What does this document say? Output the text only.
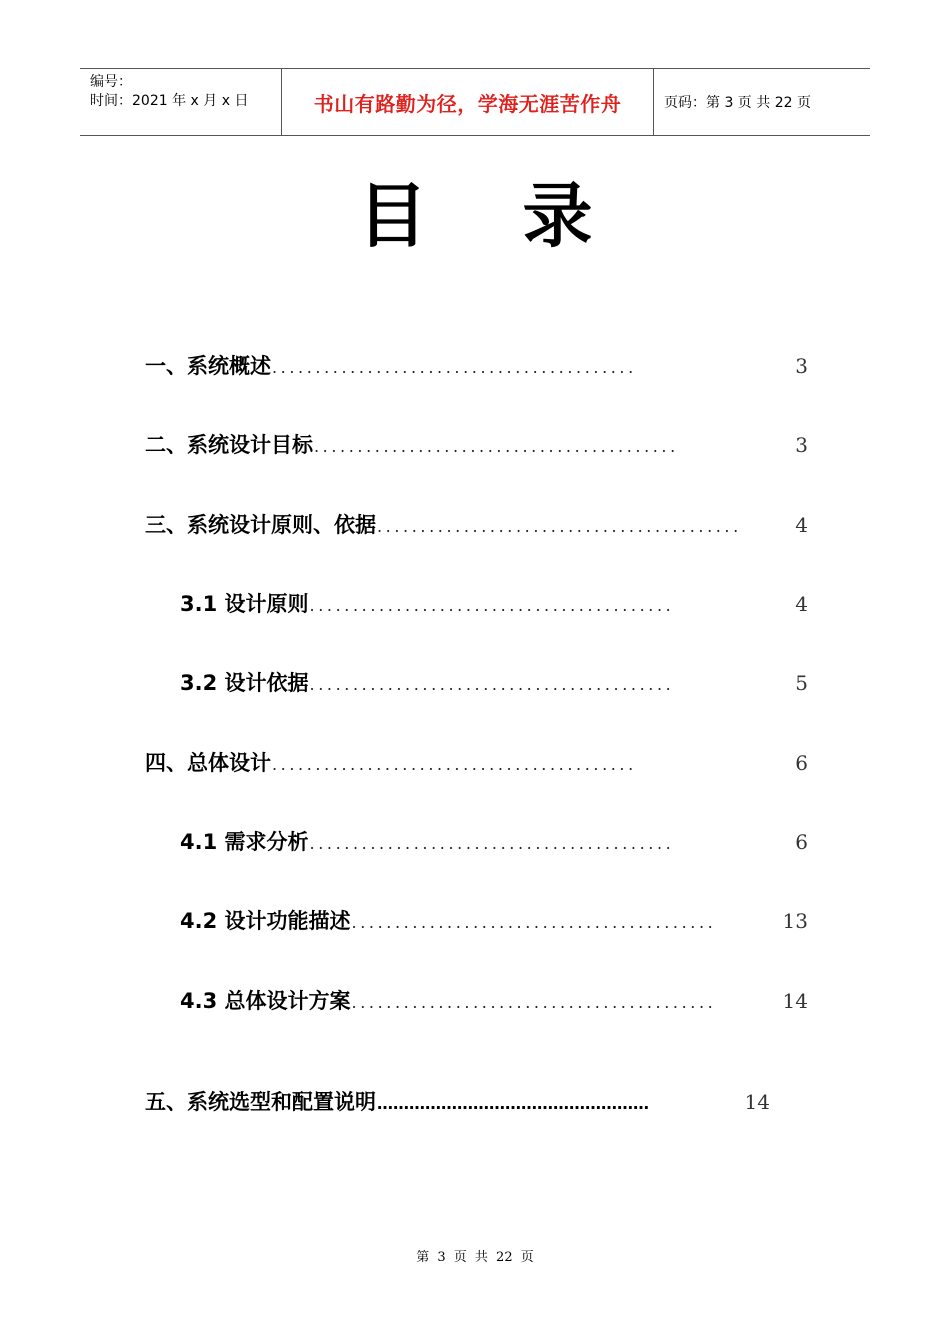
编号：
时间：2021 年 x 月 x 日	书山有路勤为径，学海无涯苦作舟	页码：第 3 页 共 22 页
目录
一、系统概述 ..........................................	3
二、系统设计目标 ..........................................	3
三、系统设计原则、依据 ..........................................	4
3.1 设计原则 ..........................................	4
3.2 设计依据 ..........................................	5
四、总体设计 ..........................................	6
4.1 需求分析 ..........................................	6
4.2 设计功能描述 ..........................................	13
4.3 总体设计方案 ..........................................	14
五、系统选型和配置说明 ……………………………………………	14
第 3 页 共 22 页
